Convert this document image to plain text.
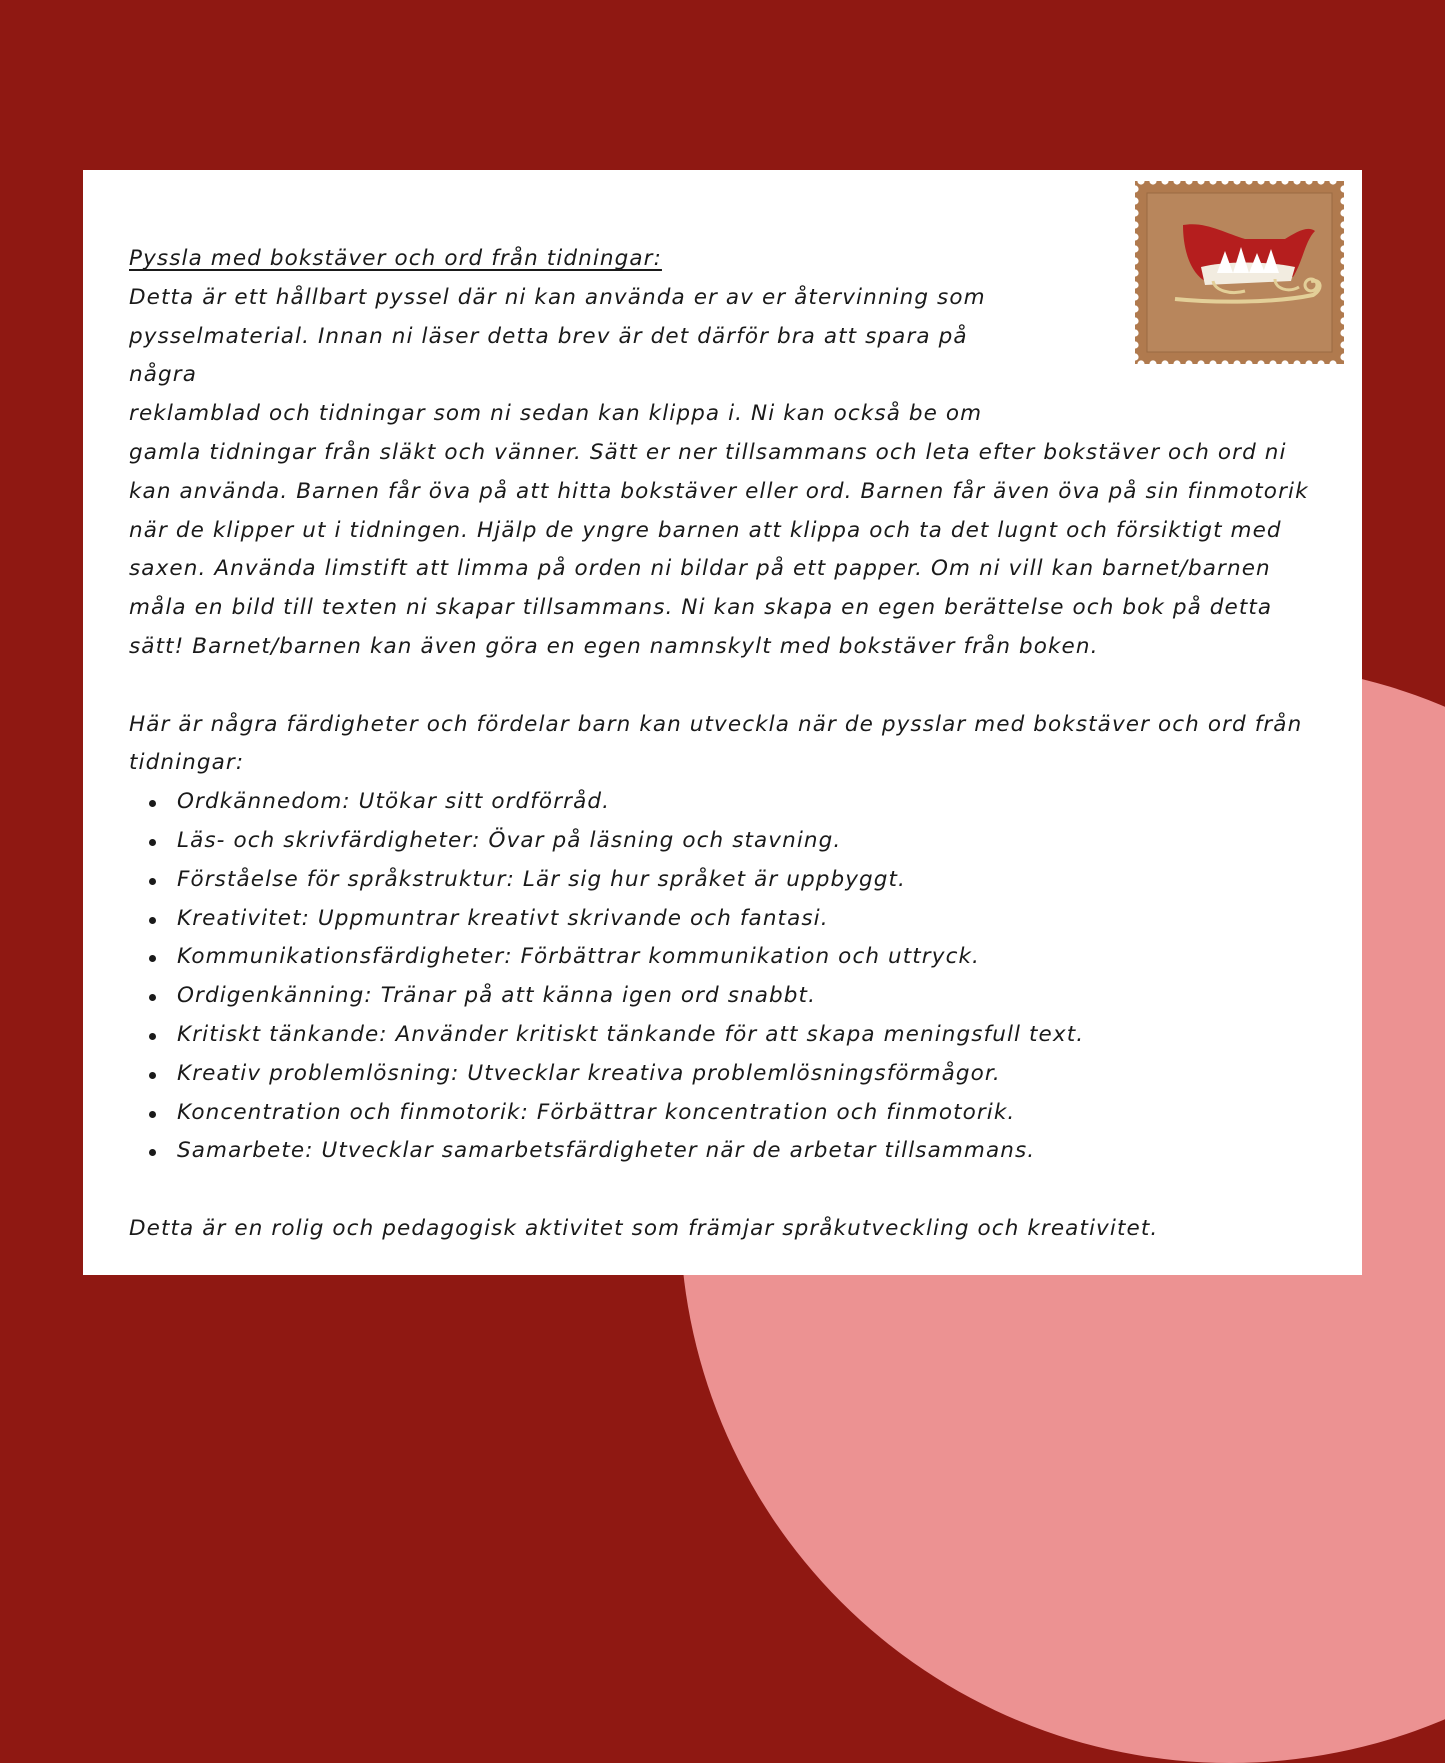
Pyssla med bokstäver och ord från tidningar:
Detta är ett hållbart pyssel där ni kan använda er av er återvinning som
pysselmaterial. Innan ni läser detta brev är det därför bra att spara på några
reklamblad och tidningar som ni sedan kan klippa i. Ni kan också be om

gamla tidningar från släkt och vänner. Sätt er ner tillsammans och leta efter bokstäver och ord ni kan använda. Barnen får öva på att hitta bokstäver eller ord. Barnen får även öva på sin finmotorik när de klipper ut i tidningen. Hjälp de yngre barnen att klippa och ta det lugnt och försiktigt med saxen. Använda limstift att limma på orden ni bildar på ett papper. Om ni vill kan barnet/barnen måla en bild till texten ni skapar tillsammans. Ni kan skapa en egen berättelse och bok på detta sätt! Barnet/barnen kan även göra en egen namnskylt med bokstäver från boken.

Här är några färdigheter och fördelar barn kan utveckla när de pysslar med bokstäver och ord från tidningar:

Ordkännedom: Utökar sitt ordförråd.
Läs- och skrivfärdigheter: Övar på läsning och stavning.
Förståelse för språkstruktur: Lär sig hur språket är uppbyggt.
Kreativitet: Uppmuntrar kreativt skrivande och fantasi.
Kommunikationsfärdigheter: Förbättrar kommunikation och uttryck.
Ordigenkänning: Tränar på att känna igen ord snabbt.
Kritiskt tänkande: Använder kritiskt tänkande för att skapa meningsfull text.
Kreativ problemlösning: Utvecklar kreativa problemlösningsförmågor.
Koncentration och finmotorik: Förbättrar koncentration och finmotorik.
Samarbete: Utvecklar samarbetsfärdigheter när de arbetar tillsammans.

Detta är en rolig och pedagogisk aktivitet som främjar språkutveckling och kreativitet.
